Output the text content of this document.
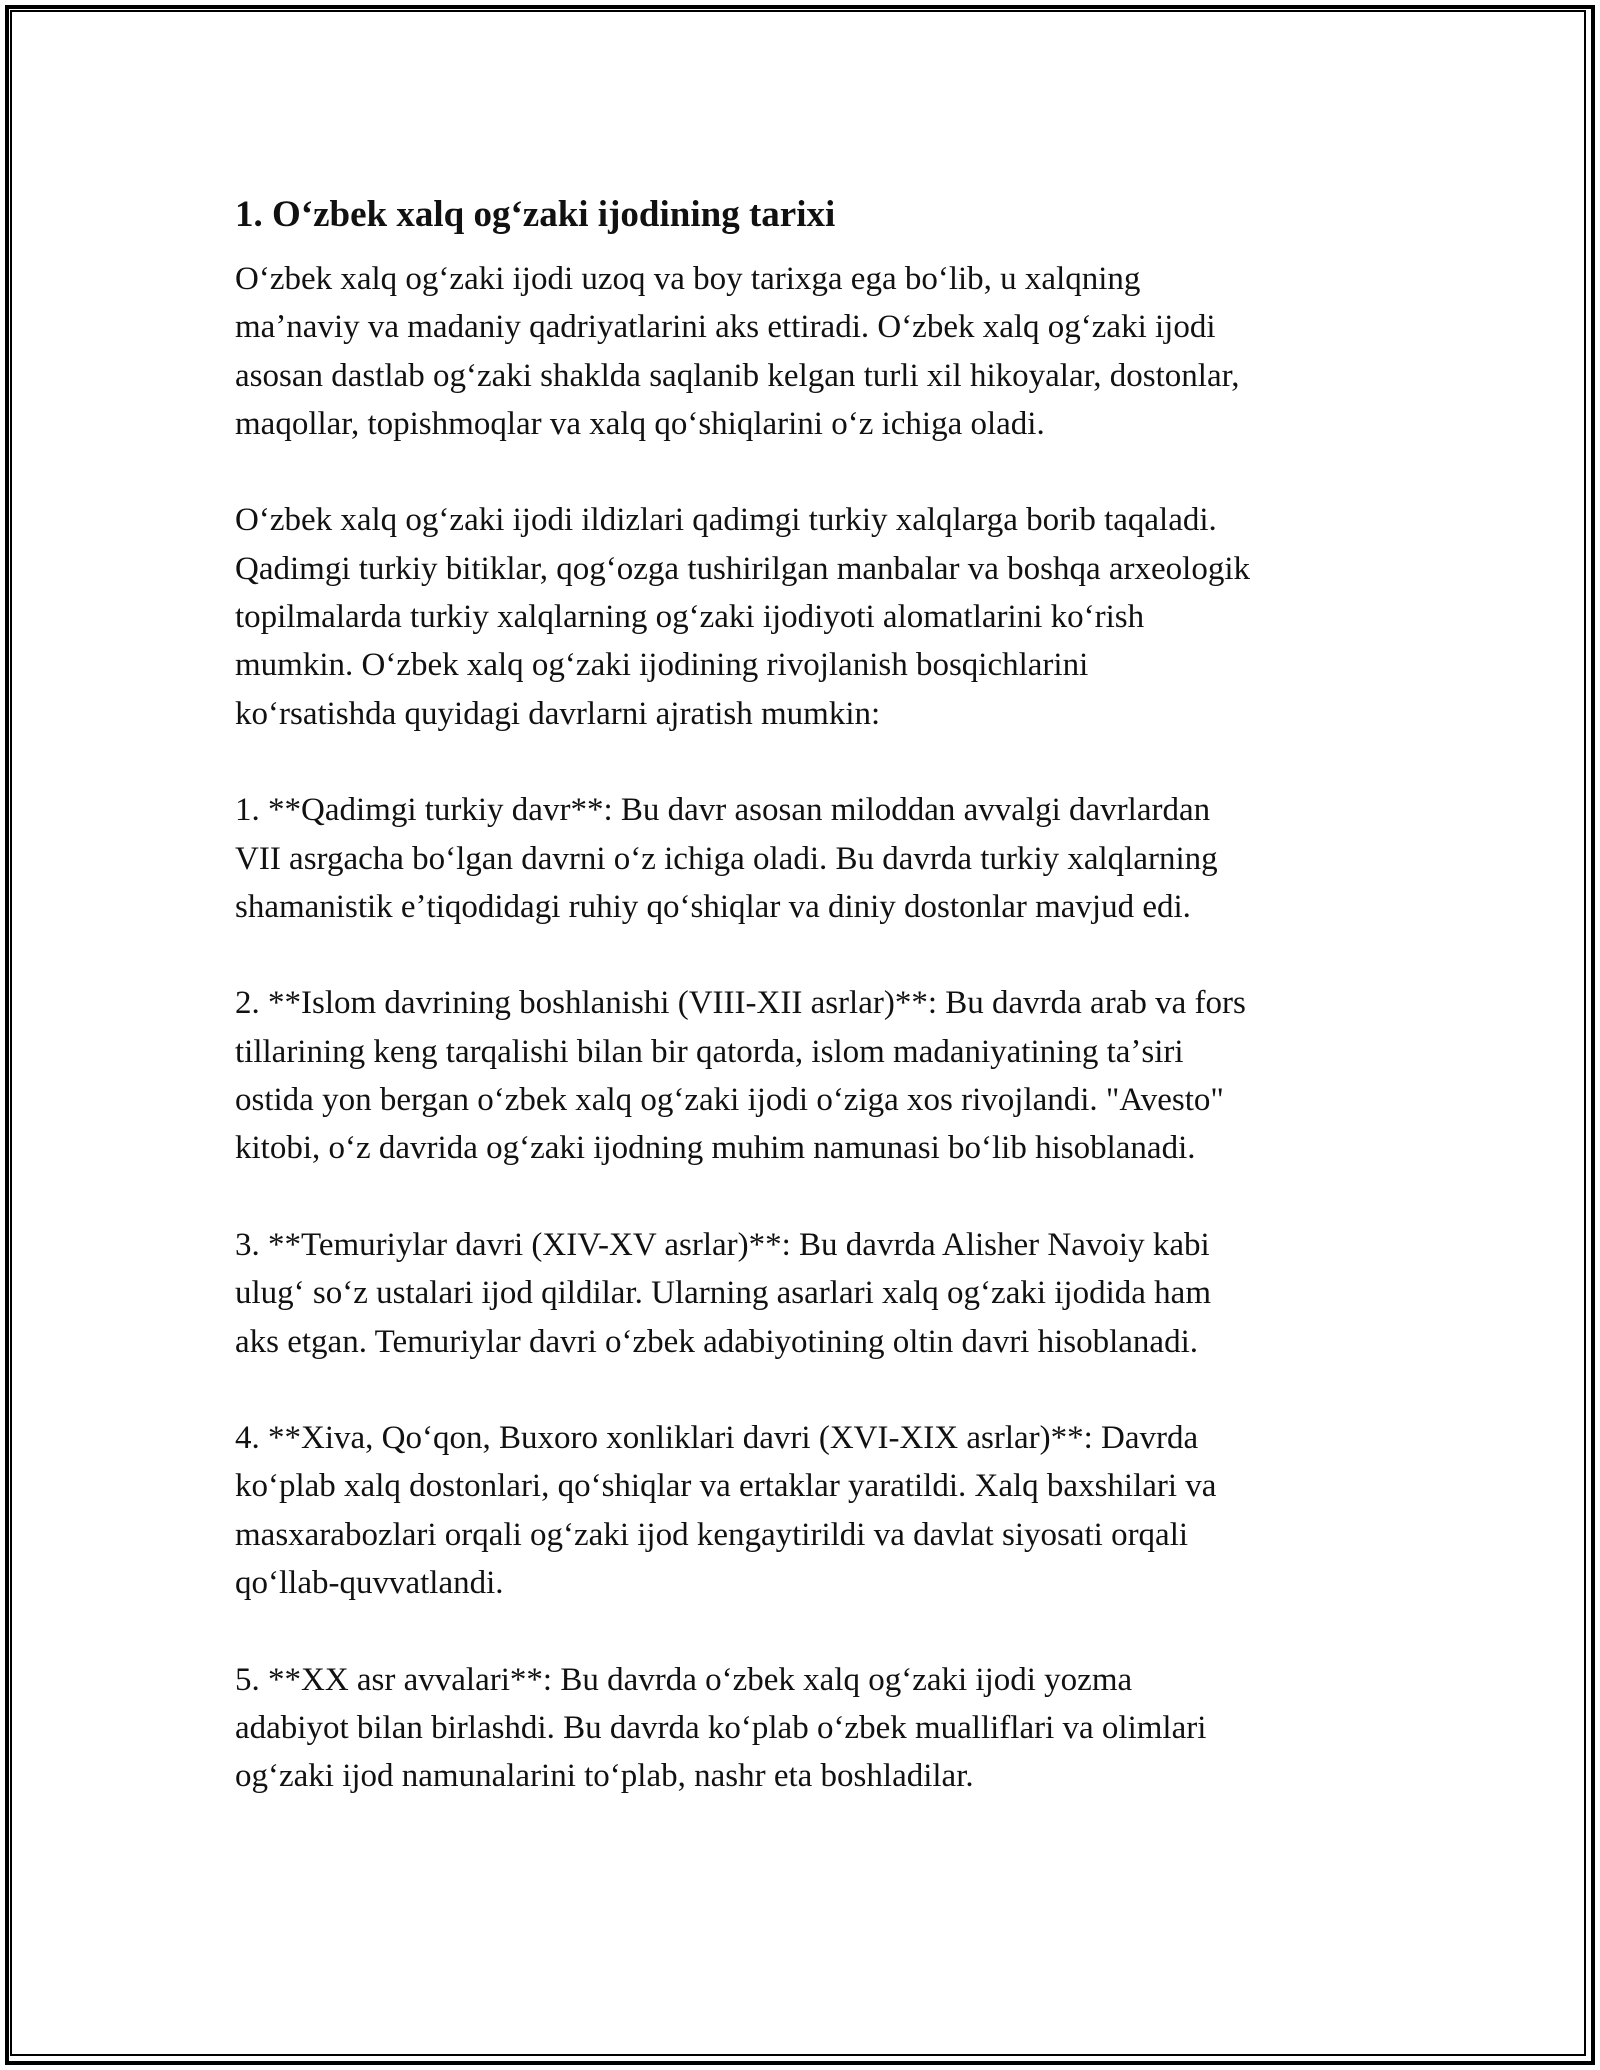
1. Oʻzbek xalq ogʻzaki ijodining tarixi

Oʻzbek xalq ogʻzaki ijodi uzoq va boy tarixga ega boʻlib, u xalqning
maʼnaviy va madaniy qadriyatlarini aks ettiradi. Oʻzbek xalq ogʻzaki ijodi
asosan dastlab ogʻzaki shaklda saqlanib kelgan turli xil hikoyalar, dostonlar,
maqollar, topishmoqlar va xalq qoʻshiqlarini oʻz ichiga oladi.

Oʻzbek xalq ogʻzaki ijodi ildizlari qadimgi turkiy xalqlarga borib taqaladi.
Qadimgi turkiy bitiklar, qogʻozga tushirilgan manbalar va boshqa arxeologik
topilmalarda turkiy xalqlarning ogʻzaki ijodiyoti alomatlarini koʻrish
mumkin. Oʻzbek xalq ogʻzaki ijodining rivojlanish bosqichlarini
koʻrsatishda quyidagi davrlarni ajratish mumkin:

1. **Qadimgi turkiy davr**: Bu davr asosan miloddan avvalgi davrlardan
VII asrgacha boʻlgan davrni oʻz ichiga oladi. Bu davrda turkiy xalqlarning
shamanistik eʼtiqodidagi ruhiy qoʻshiqlar va diniy dostonlar mavjud edi.

2. **Islom davrining boshlanishi (VIII-XII asrlar)**: Bu davrda arab va fors
tillarining keng tarqalishi bilan bir qatorda, islom madaniyatining taʼsiri
ostida yon bergan oʻzbek xalq ogʻzaki ijodi oʻziga xos rivojlandi. "Avesto"
kitobi, oʻz davrida ogʻzaki ijodning muhim namunasi boʻlib hisoblanadi.

3. **Temuriylar davri (XIV-XV asrlar)**: Bu davrda Alisher Navoiy kabi
ulugʻ soʻz ustalari ijod qildilar. Ularning asarlari xalq ogʻzaki ijodida ham
aks etgan. Temuriylar davri oʻzbek adabiyotining oltin davri hisoblanadi.

4. **Xiva, Qoʻqon, Buxoro xonliklari davri (XVI-XIX asrlar)**: Davrda
koʻplab xalq dostonlari, qoʻshiqlar va ertaklar yaratildi. Xalq baxshilari va
masxarabozlari orqali ogʻzaki ijod kengaytirildi va davlat siyosati orqali
qoʻllab-quvvatlandi.

5. **XX asr avvalari**: Bu davrda oʻzbek xalq ogʻzaki ijodi yozma
adabiyot bilan birlashdi. Bu davrda koʻplab oʻzbek mualliflari va olimlari
ogʻzaki ijod namunalarini toʻplab, nashr eta boshladilar.
